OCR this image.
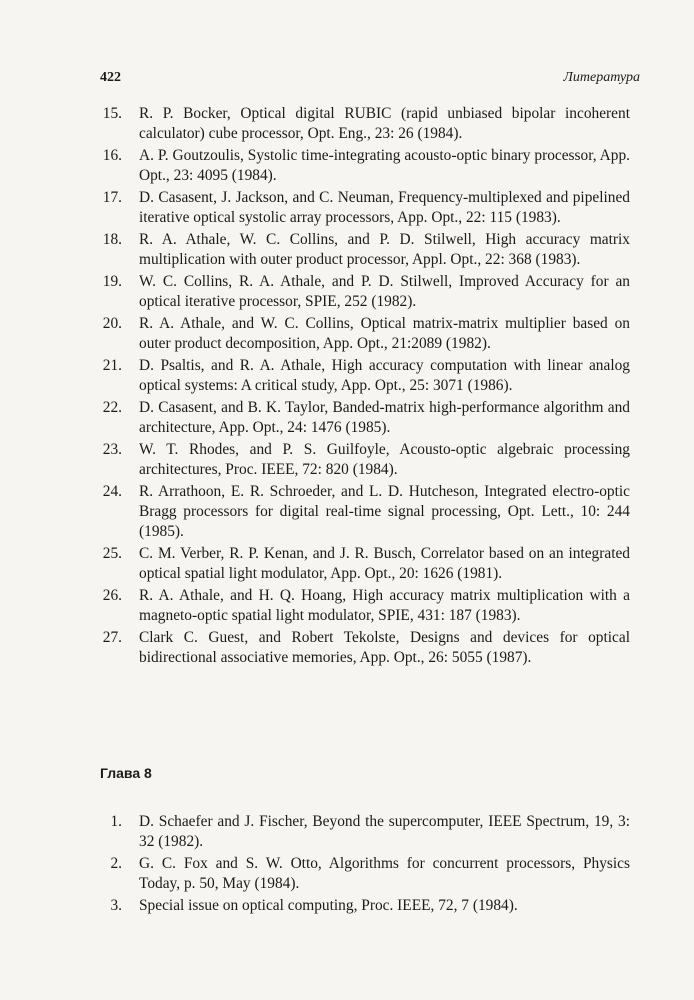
422	Литература
15. R. P. Bocker, Optical digital RUBIC (rapid unbiased bipolar incoherent calculator) cube processor, Opt. Eng., 23: 26 (1984).
16. A. P. Goutzoulis, Systolic time-integrating acousto-optic binary processor, App. Opt., 23: 4095 (1984).
17. D. Casasent, J. Jackson, and C. Neuman, Frequency-multiplexed and pipelined iterative optical systolic array processors, App. Opt., 22: 115 (1983).
18. R. A. Athale, W. C. Collins, and P. D. Stilwell, High accuracy matrix multiplication with outer product processor, Appl. Opt., 22: 368 (1983).
19. W. C. Collins, R. A. Athale, and P. D. Stilwell, Improved Accuracy for an optical iterative processor, SPIE, 252 (1982).
20. R. A. Athale, and W. C. Collins, Optical matrix-matrix multiplier based on outer product decomposition, App. Opt., 21:2089 (1982).
21. D. Psaltis, and R. A. Athale, High accuracy computation with linear analog optical systems: A critical study, App. Opt., 25: 3071 (1986).
22. D. Casasent, and B. K. Taylor, Banded-matrix high-performance algorithm and architecture, App. Opt., 24: 1476 (1985).
23. W. T. Rhodes, and P. S. Guilfoyle, Acousto-optic algebraic processing architectures, Proc. IEEE, 72: 820 (1984).
24. R. Arrathoon, E. R. Schroeder, and L. D. Hutcheson, Integrated electro-optic Bragg processors for digital real-time signal processing, Opt. Lett., 10: 244 (1985).
25. C. M. Verber, R. P. Kenan, and J. R. Busch, Correlator based on an integrated optical spatial light modulator, App. Opt., 20: 1626 (1981).
26. R. A. Athale, and H. Q. Hoang, High accuracy matrix multiplication with a magneto-optic spatial light modulator, SPIE, 431: 187 (1983).
27. Clark C. Guest, and Robert Tekolste, Designs and devices for optical bidirectional associative memories, App. Opt., 26: 5055 (1987).
Глава 8
1. D. Schaefer and J. Fischer, Beyond the supercomputer, IEEE Spectrum, 19, 3: 32 (1982).
2. G. C. Fox and S. W. Otto, Algorithms for concurrent processors, Physics Today, p. 50, May (1984).
3. Special issue on optical computing, Proc. IEEE, 72, 7 (1984).
